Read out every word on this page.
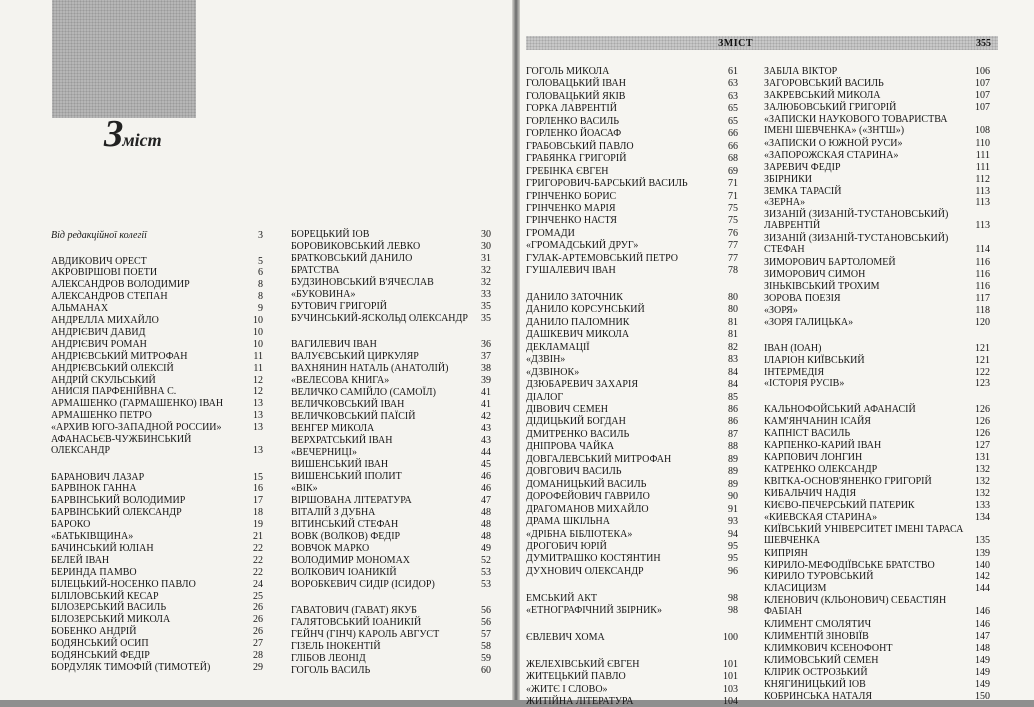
Зміст
Від редакційної колегії	3
АВДИКОВИЧ ОРЕСТ	5
АКРОВІРШОВІ ПОЕТИ	6
АЛЕКСАНДРОВ ВОЛОДИМИР	8
АЛЕКСАНДРОВ СТЕПАН	8
АЛЬМАНАХ	9
АНДРЕЛЛА МИХАЙЛО	10
АНДРІЄВИЧ ДАВИД	10
АНДРІЄВИЧ РОМАН	10
АНДРІЄВСЬКИЙ МИТРОФАН	11
АНДРІЄВСЬКИЙ ОЛЕКСІЙ	11
АНДРІЙ СКУЛЬСЬКИЙ	12
АНИСІЯ ПАРФЕНІЙВНА С.	12
АРМАШЕНКО (ГАРМАШЕНКО) ІВАН	13
АРМАШЕНКО ПЕТРО	13
«АРХИВ ЮГО-ЗАПАДНОЙ РОССИИ»	13
АФАНАСЬЄВ-ЧУЖБИНСЬКИЙ ОЛЕКСАНДР	13
БАРАНОВИЧ ЛАЗАР	15
БАРВІНОК ГАННА	16
БАРВІНСЬКИЙ ВОЛОДИМИР	17
БАРВІНСЬКИЙ ОЛЕКСАНДР	18
БАРОКО	19
«БАТЬКІВЩИНА»	21
БАЧИНСЬКИЙ ЮЛІАН	22
БЕЛЕЙ ІВАН	22
БЕРИНДА ПАМВО	22
БІЛЕЦЬКИЙ-НОСЕНКО ПАВЛО	24
БІЛІЛОВСЬКИЙ КЕСАР	25
БІЛОЗЕРСЬКИЙ ВАСИЛЬ	26
БІЛОЗЕРСЬКИЙ МИКОЛА	26
БОБЕНКО АНДРІЙ	26
БОДЯНСЬКИЙ ОСИП	27
БОДЯНСЬКИЙ ФЕДІР	28
БОРДУЛЯК ТИМОФІЙ (ТИМОТЕЙ)	29
БОРЕЦЬКИЙ ІОВ	30
БОРОВИКОВСЬКИЙ ЛЕВКО	30
БРАТКОВСЬКИЙ ДАНИЛО	31
БРАТСТВА	32
БУДЗИНОВСЬКИЙ В'ЯЧЕСЛАВ	32
«БУКОВИНА»	33
БУТОВИЧ ГРИГОРІЙ	35
БУЧИНСЬКИЙ-ЯСКОЛЬД ОЛЕКСАНДР 35
ВАГИЛЕВИЧ ІВАН	36
ВАЛУЄВСЬКИЙ ЦИРКУЛЯР	37
ВАХНЯНИН НАТАЛЬ (АНАТОЛІЙ)	38
«ВЕЛЕСОВА КНИГА»	39
ВЕЛИЧКО САМІЙЛО (САМОЇЛ)	41
ВЕЛИЧКОВСЬКИЙ ІВАН	41
ВЕЛИЧКОВСЬКИЙ ПАЇСІЙ	42
ВЕНГЕР МИКОЛА	43
ВЕРХРАТСЬКИЙ ІВАН	43
«ВЕЧЕРНИЦІ»	44
ВИШЕНСЬКИЙ ІВАН	45
ВИШЕНСЬКИЙ ІПОЛИТ	46
«ВІК»	46
ВІРШОВАНА ЛІТЕРАТУРА	47
ВІТАЛІЙ З ДУБНА	48
ВІТИНСЬКИЙ СТЕФАН	48
ВОВК (ВОЛКОВ) ФЕДІР	48
ВОВЧОК МАРКО	49
ВОЛОДИМИР МОНОМАХ	52
ВОЛКОВИЧ ІОАНИКІЙ	53
ВОРОБКЕВИЧ СИДІР (ІСИДОР)	53
ГАВАТОВИЧ (ГАВАТ) ЯКУБ	56
ГАЛЯТОВСЬКИЙ ІОАНИКІЙ	56
ГЕЙНЧ (ГІНЧ) КАРОЛЬ АВГУСТ	57
ГІЗЕЛЬ ІНОКЕНТІЙ	58
ГЛІБОВ ЛЕОНІД	59
ГОГОЛЬ ВАСИЛЬ	60
ЗМІСТ	355
ГОГОЛЬ МИКОЛА	61
ГОЛОВАЦЬКИЙ ІВАН	63
ГОЛОВАЦЬКИЙ ЯКІВ	63
ГОРКА ЛАВРЕНТІЙ	65
ГОРЛЕНКО ВАСИЛЬ	65
ГОРЛЕНКО ЙОАСАФ	66
ГРАБОВСЬКИЙ ПАВЛО	66
ГРАБЯНКА ГРИГОРІЙ	68
ГРЕБІНКА ЄВГЕН	69
ГРИГОРОВИЧ-БАРСЬКИЙ ВАСИЛЬ	71
ГРІНЧЕНКО БОРИС	71
ГРІНЧЕНКО МАРІЯ	75
ГРІНЧЕНКО НАСТЯ	75
ГРОМАДИ	76
«ГРОМАДСЬКИЙ ДРУГ»	77
ГУЛАК-АРТЕМОВСЬКИЙ ПЕТРО	77
ГУШАЛЕВИЧ ІВАН	78
ДАНИЛО ЗАТОЧНИК	80
ДАНИЛО КОРСУНСЬКИЙ	80
ДАНИЛО ПАЛОМНИК	81
ДАШКЕВИЧ МИКОЛА	81
ДЕКЛАМАЦІЇ	82
«ДЗВІН»	83
«ДЗВІНОК»	84
ДЗЮБАРЕВИЧ ЗАХАРІЯ	84
ДІАЛОГ	85
ДІВОВИЧ СЕМЕН	86
ДІДИЦЬКИЙ БОГДАН	86
ДМИТРЕНКО ВАСИЛЬ	87
ДНІПРОВА ЧАЙКА	88
ДОВГАЛЕВСЬКИЙ МИТРОФАН	89
ДОВГОВИЧ ВАСИЛЬ	89
ДОМАНИЦЬКИЙ ВАСИЛЬ	89
ДОРОФЕЙОВИЧ ГАВРИЛО	90
ДРАГОМАНОВ МИХАЙЛО	91
ДРАМА ШКІЛЬНА	93
«ДРІБНА БІБЛІОТЕКА»	94
ДРОГОБИЧ ЮРІЙ	95
ДУМИТРАШКО КОСТЯНТИН	95
ДУХНОВИЧ ОЛЕКСАНДР	96
ЕМСЬКИЙ АКТ	98
«ЕТНОГРАФІЧНИЙ ЗБІРНИК»	98
ЄВЛЕВИЧ ХОМА	100
ЖЕЛЕХІВСЬКИЙ ЄВГЕН	101
ЖИТЕЦЬКИЙ ПАВЛО	101
«ЖИТЄ І СЛОВО»	103
ЖИТІЙНА ЛІТЕРАТУРА	104
ЗАБІЛА ВІКТОР	106
ЗАГОРОВСЬКИЙ ВАСИЛЬ	107
ЗАКРЕВСЬКИЙ МИКОЛА	107
ЗАЛЮБОВСЬКИЙ ГРИГОРІЙ	107
«ЗАПИСКИ НАУКОВОГО ТОВАРИСТВА ІМЕНІ ШЕВЧЕНКА» («ЗНТШ»)	108
«ЗАПИСКИ О ЮЖНОЙ РУСИ»	110
«ЗАПОРОЖСКАЯ СТАРИНА»	111
ЗАРЕВИЧ ФЕДІР	111
ЗБІРНИКИ	112
ЗЕМКА ТАРАСІЙ	113
«ЗЕРНА»	113
ЗИЗАНІЙ (ЗИЗАНІЙ-ТУСТАНОВСЬКИЙ) ЛАВРЕНТІЙ	113
ЗИЗАНІЙ (ЗИЗАНІЙ-ТУСТАНОВСЬКИЙ) СТЕФАН	114
ЗИМОРОВИЧ БАРТОЛОМЕЙ	116
ЗИМОРОВИЧ СИМОН	116
ЗІНЬКІВСЬКИЙ ТРОХИМ	116
ЗОРОВА ПОЕЗІЯ	117
«ЗОРЯ»	118
«ЗОРЯ ГАЛИЦЬКА»	120
ІВАН (ІОАН)	121
ІЛАРІОН КИЇВСЬКИЙ	121
ІНТЕРМЕДІЯ	122
«ІСТОРІЯ РУСІВ»	123
КАЛЬНОФОЙСЬКИЙ АФАНАСІЙ	126
КАМ'ЯНЧАНИН ІСАЙЯ	126
КАПНІСТ ВАСИЛЬ	126
КАРПЕНКО-КАРИЙ ІВАН	127
КАРПОВИЧ ЛОНГИН	131
КАТРЕНКО ОЛЕКСАНДР	132
КВІТКА-ОСНОВ'ЯНЕНКО ГРИГОРІЙ	132
КИБАЛЬЧИЧ НАДІЯ	132
КИЄВО-ПЕЧЕРСЬКИЙ ПАТЕРИК	133
«КИЕВСКАЯ СТАРИНА»	134
КИЇВСЬКИЙ УНІВЕРСИТЕТ ІМЕНІ ТАРАСА ШЕВЧЕНКА	135
КИПРІЯН	139
КИРИЛО-МЕФОДІЇВСЬКЕ БРАТСТВО	140
КИРИЛО ТУРОВСЬКИЙ	142
КЛАСИЦИЗМ	144
КЛЕНОВИЧ (КЛЬОНОВИЧ) СЕБАСТІЯН ФАБІАН	146
КЛИМЕНТ СМОЛЯТИЧ	146
КЛИМЕНТІЙ ЗІНОВІЇВ	147
КЛИМКОВИЧ КСЕНОФОНТ	148
КЛИМОВСЬКИЙ СЕМЕН	149
КЛІРИК ОСТРОЗЬКИЙ	149
КНЯГИНИЦЬКИЙ ІОВ	149
КОБРИНСЬКА НАТАЛЯ	150
